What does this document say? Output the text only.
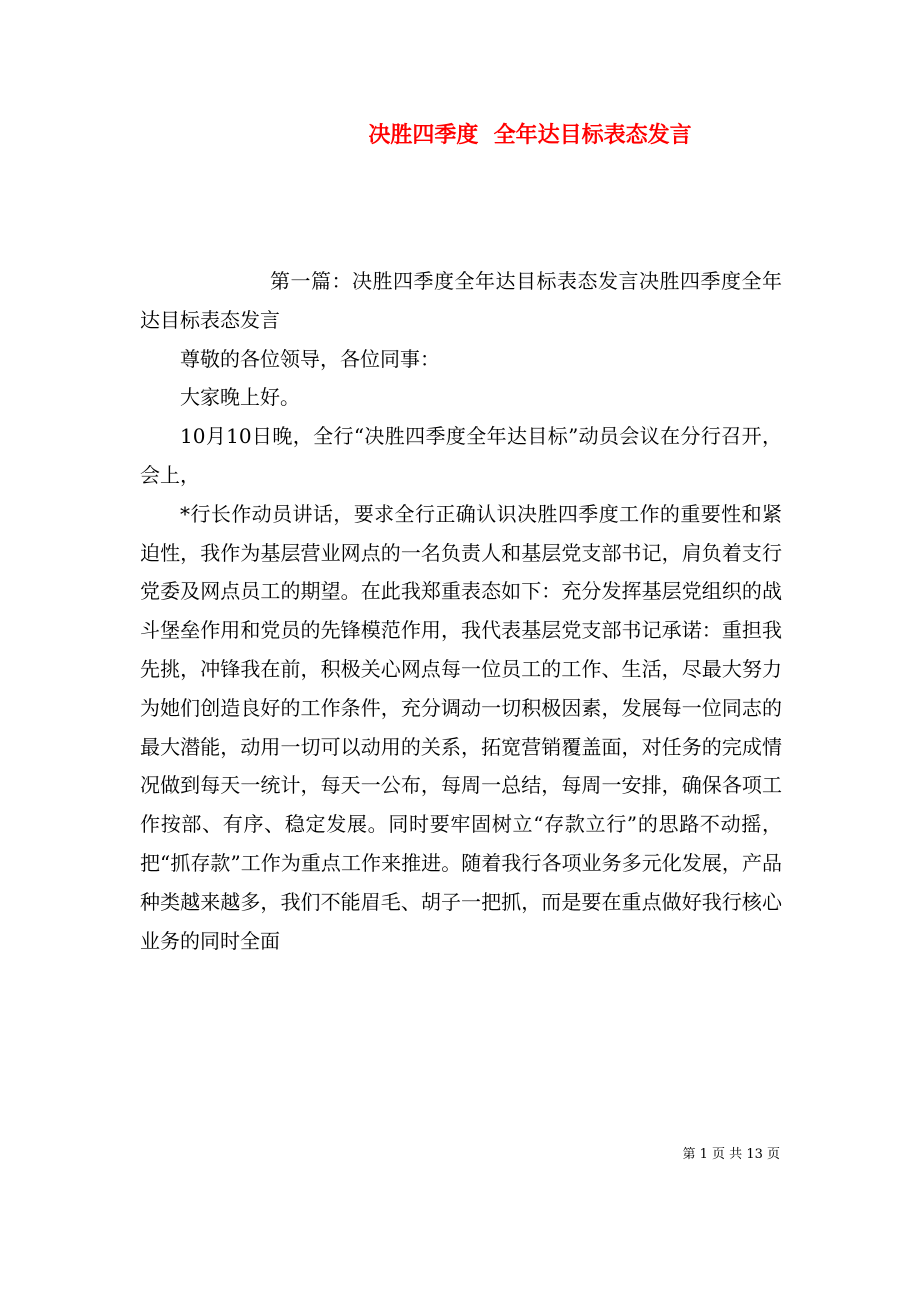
决胜四季度  全年达目标表态发言

第一篇：决胜四季度全年达目标表态发言决胜四季度全年达目标表态发言

尊敬的各位领导，各位同事：

大家晚上好。

10月10日晚，全行“决胜四季度全年达目标”动员会议在分行召开，会上，

*行长作动员讲话，要求全行正确认识决胜四季度工作的重要性和紧迫性，我作为基层营业网点的一名负责人和基层党支部书记，肩负着支行党委及网点员工的期望。在此我郑重表态如下：充分发挥基层党组织的战斗堡垒作用和党员的先锋模范作用，我代表基层党支部书记承诺：重担我先挑，冲锋我在前，积极关心网点每一位员工的工作、生活，尽最大努力为她们创造良好的工作条件，充分调动一切积极因素，发展每一位同志的最大潜能，动用一切可以动用的关系，拓宽营销覆盖面，对任务的完成情况做到每天一统计，每天一公布，每周一总结，每周一安排，确保各项工作按部、有序、稳定发展。同时要牢固树立“存款立行”的思路不动摇，把“抓存款”工作为重点工作来推进。随着我行各项业务多元化发展，产品种类越来越多，我们不能眉毛、胡子一把抓，而是要在重点做好我行核心业务的同时全面

第 1 页 共 13 页
